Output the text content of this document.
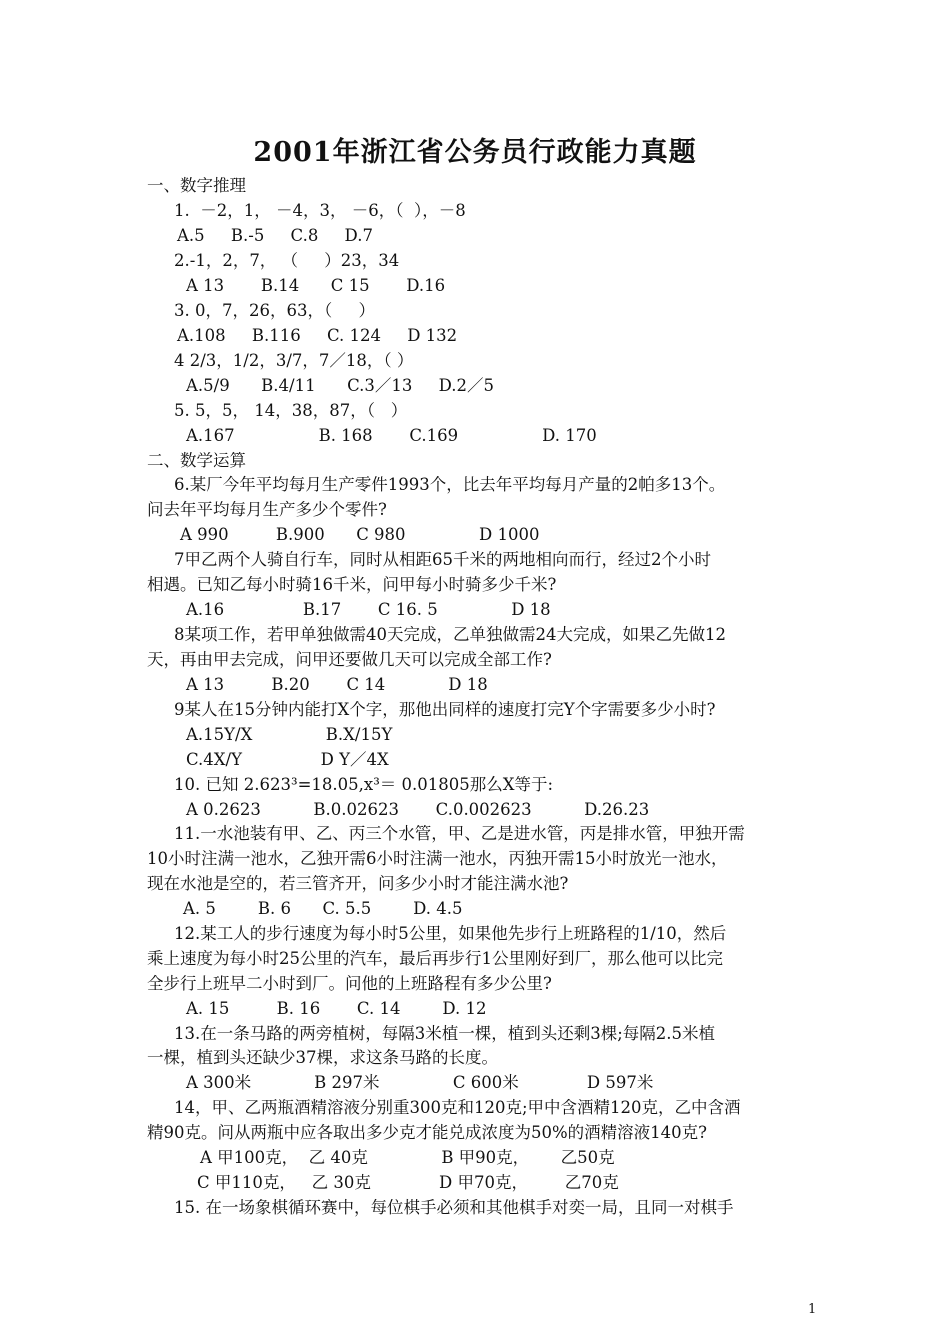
2001年浙江省公务员行政能力真题
一、数字推理
1.  －2，1， －4，3， －6，（  ），－8
A.5     B.-5     C.8     D.7
2.-1，2，7， （     ）23，34
A 13       B.14      C 15       D.16
3. 0，7，26，63，（     ）
A.108     B.116     C. 124     D 132
4 2/3，1/2，3/7，7／18，（ ）
A.5/9      B.4/11      C.3／13     D.2／5
5. 5，5， 14，38，87，（   ）
A.167                B. 168       C.169                D. 170
二、数学运算
6.某厂今年平均每月生产零件1993个，比去年平均每月产量的2帕多13个。
问去年平均每月生产多少个零件?
A 990         B.900      C 980              D 1000
7甲乙两个人骑自行车，同时从相距65千米的两地相向而行，经过2个小时
相遇。已知乙每小时骑16千米，问甲每小时骑多少千米?
A.16               B.17       C 16. 5              D 18
8某项工作，若甲单独做需40天完成，乙单独做需24大完成，如果乙先做12
天，再由甲去完成，问甲还要做几天可以完成全部工作?
A 13         B.20       C 14            D 18
9某人在15分钟内能打X个字，那他出同样的速度打完Y个字需要多少小时?
A.15Y/X              B.X/15Y
C.4X/Y               D Y／4X
10. 已知 2.623³=18.05,x³＝ 0.01805那么X等于:
A 0.2623          B.0.02623       C.0.002623          D.26.23
11.一水池装有甲、乙、丙三个水管，甲、乙是进水管，丙是排水管，甲独开需
10小时注满一池水，乙独开需6小时注满一池水，丙独开需15小时放光一池水，
现在水池是空的，若三管齐开，问多少小时才能注满水池?
A. 5        B. 6      C. 5.5        D. 4.5
12.某工人的步行速度为每小时5公里，如果他先步行上班路程的1/10，然后
乘上速度为每小时25公里的汽车，最后再步行1公里刚好到厂，那么他可以比完
全步行上班早二小时到厂。问他的上班路程有多少公里?
A. 15         B. 16       C. 14        D. 12
13.在一条马路的两旁植树，每隔3米植一棵，植到头还剩3棵;每隔2.5米植
一棵，植到头还缺少37棵，求这条马路的长度。
A 300米            B 297米              C 600米             D 597米
14，甲、乙两瓶酒精溶液分别重300克和120克;甲中含酒精120克，乙中含酒
精90克。问从两瓶中应各取出多少克才能兑成浓度为50%的酒精溶液140克?
A 甲100克，  乙 40克              B 甲90克，      乙50克
C 甲110克，   乙 30克             D 甲70克，       乙70克
15. 在一场象棋循环赛中，每位棋手必须和其他棋手对奕一局，且同一对棋手
1
